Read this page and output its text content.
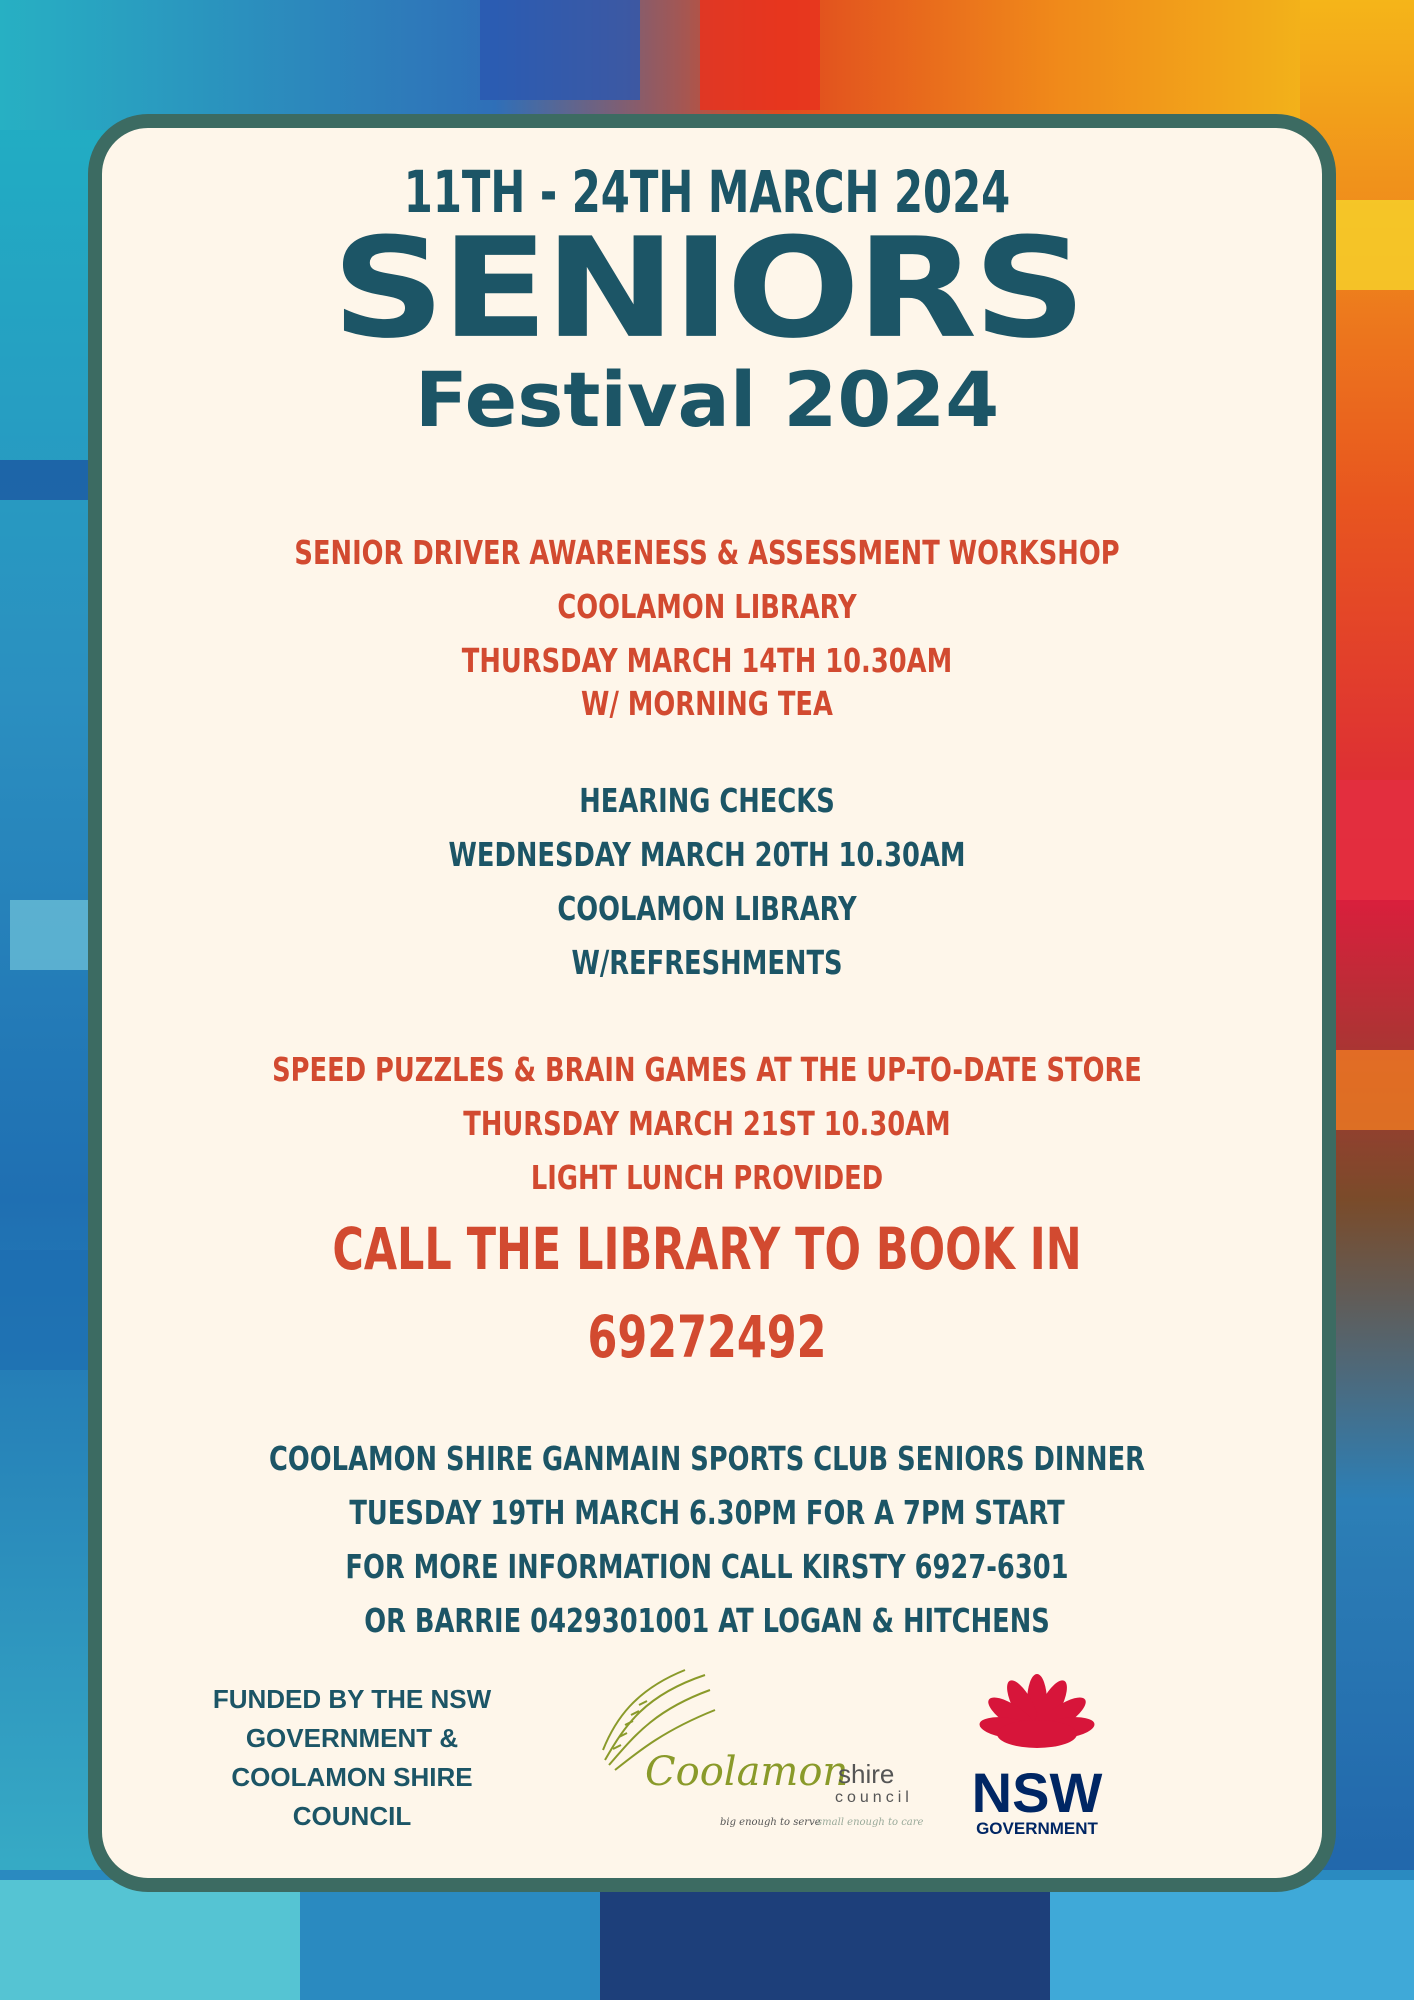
11TH - 24TH MARCH 2024
SENIORS
Festival 2024
SENIOR DRIVER AWARENESS & ASSESSMENT WORKSHOP
COOLAMON LIBRARY
THURSDAY MARCH 14TH 10.30AM
W/ MORNING TEA
HEARING CHECKS
WEDNESDAY MARCH 20TH 10.30AM
COOLAMON LIBRARY
W/REFRESHMENTS
SPEED PUZZLES & BRAIN GAMES AT THE UP-TO-DATE STORE
THURSDAY MARCH 21ST 10.30AM
LIGHT LUNCH PROVIDED
CALL THE LIBRARY TO BOOK IN
69272492
COOLAMON SHIRE GANMAIN SPORTS CLUB SENIORS DINNER
TUESDAY 19TH MARCH 6.30PM FOR A 7PM START
FOR MORE INFORMATION CALL KIRSTY 6927-6301
OR BARRIE 0429301001 AT LOGAN & HITCHENS
FUNDED BY THE NSW GOVERNMENT & COOLAMON SHIRE COUNCIL
Coolamon
shire
council
big enough to serve
small enough to care NSW
GOVERNMENT
